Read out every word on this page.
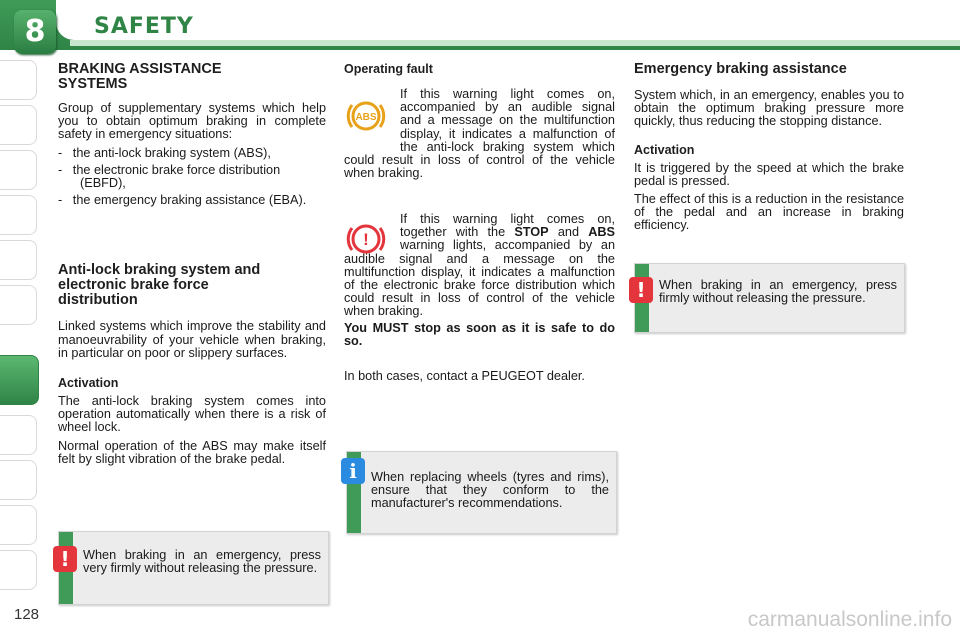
8	SAFETY
128
BRAKING ASSISTANCE SYSTEMS

Group of supplementary systems which help you to obtain optimum braking in complete safety in emergency situations:

-   the anti-lock braking system (ABS),

-   the electronic brake force distribution (EBFD),

-   the emergency braking assistance (EBA).

Anti-lock braking system and electronic brake force distribution

Linked systems which improve the stability and manoeuvrability of your vehicle when braking, in particular on poor or slippery surfaces.

Activation

The anti-lock braking system comes into operation automatically when there is a risk of wheel lock.

Normal operation of the ABS may make itself felt by slight vibration of the brake pedal.

!	When braking in an emergency, press very firmly without releasing the pressure.

Operating fault

ABS

If this warning light comes on, accompanied by an audible signal and a message on the multifunction display, it indicates a malfunction of the anti-lock braking system which could result in loss of control of the vehicle when braking.

!

If this warning light comes on, together with the STOP and ABS warning lights, accompanied by an audible signal and a message on the multifunction display, it indicates a malfunction of the electronic brake force distribution which could result in loss of control of the vehicle when braking.

You MUST stop as soon as it is safe to do so.

In both cases, contact a PEUGEOT dealer.

i	When replacing wheels (tyres and rims), ensure that they conform to the manufacturer's recommendations.
Emergency braking assistance

System which, in an emergency, enables you to obtain the optimum braking pressure more quickly, thus reducing the stopping distance.

Activation

It is triggered by the speed at which the brake pedal is pressed.

The effect of this is a reduction in the resistance of the pedal and an increase in braking efficiency.

!	When braking in an emergency, press firmly without releasing the pressure.
carmanualsonline.info
